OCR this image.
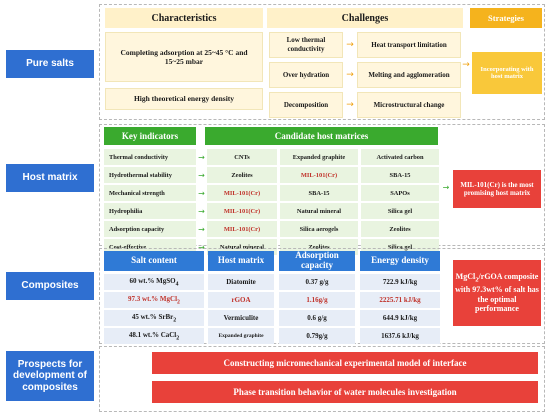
Pure salts
Host matrix
Composites
Prospects for development of composites
Characteristics	Challenges	Strategies
Completing adsorption at 25~45 °C and 15~25 mbar
High theoretical energy density
Low thermal conductivity	→	Heat transport limitation
Over hydration	→	Melting and agglomeration
Decomposition	→	Microstructural change
→	Incorporating with host matrix
Key indicators	Candidate host matrices
Thermal conductivity	CNTs	Expanded graphite	Activated carbon
→
Hydrothermal stability	Zeolites	MIL-101(Cr)	SBA-15
→
Mechanical strength	MIL-101(Cr)	SBA-15	SAPOs
→
Hydrophilia	MIL-101(Cr)	Natural mineral	Silica gel
→
Adsorption capacity	MIL-101(Cr)	Silica aerogels	Zeolites
→
Cost-effective	Natural mineral	Zeolites	Silica gel
→
→	MIL-101(Cr) is the most promising host matrix
Salt content	Host matrix	Adsorption capacity	Energy density
60 wt.% MgSO$_4$	Diatomite	0.37 g/g	722.9 kJ/kg
97.3 wt.% MgCl$_2$	rGOA	1.16g/g	2225.71 kJ/kg
45 wt.% SrBr$_2$	Vermiculite	0.6 g/g	644.9 kJ/kg
48.1 wt.% CaCl$_2$	Expanded graphite	0.79g/g	1637.6 kJ/kg
MgCl$_2$/rGOA composite with 97.3wt% of salt has the optimal performance
Constructing micromechanical experimental model of interface
Phase transition behavior of water molecules investigation
